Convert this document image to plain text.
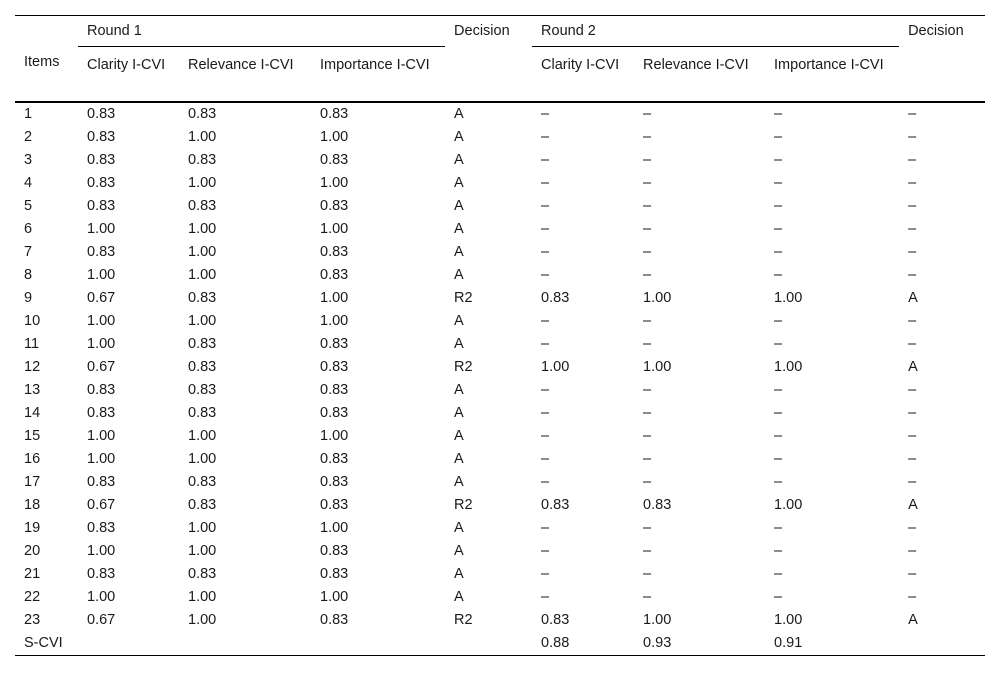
Items	Round 1			Decision	Round 2			Decision
	Clarity I-CVI	Relevance I-CVI	Importance I-CVI		Clarity I-CVI	Relevance I-CVI	Importance I-CVI	
1	0.83	0.83	0.83	A	–	–	–	–
2	0.83	1.00	1.00	A	–	–	–	–
3	0.83	0.83	0.83	A	–	–	–	–
4	0.83	1.00	1.00	A	–	–	–	–
5	0.83	0.83	0.83	A	–	–	–	–
6	1.00	1.00	1.00	A	–	–	–	–
7	0.83	1.00	0.83	A	–	–	–	–
8	1.00	1.00	0.83	A	–	–	–	–
9	0.67	0.83	1.00	R2	0.83	1.00	1.00	A
10	1.00	1.00	1.00	A	–	–	–	–
11	1.00	0.83	0.83	A	–	–	–	–
12	0.67	0.83	0.83	R2	1.00	1.00	1.00	A
13	0.83	0.83	0.83	A	–	–	–	–
14	0.83	0.83	0.83	A	–	–	–	–
15	1.00	1.00	1.00	A	–	–	–	–
16	1.00	1.00	0.83	A	–	–	–	–
17	0.83	0.83	0.83	A	–	–	–	–
18	0.67	0.83	0.83	R2	0.83	0.83	1.00	A
19	0.83	1.00	1.00	A	–	–	–	–
20	1.00	1.00	0.83	A	–	–	–	–
21	0.83	0.83	0.83	A	–	–	–	–
22	1.00	1.00	1.00	A	–	–	–	–
23	0.67	1.00	0.83	R2	0.83	1.00	1.00	A
S-CVI					0.88	0.93	0.91	
